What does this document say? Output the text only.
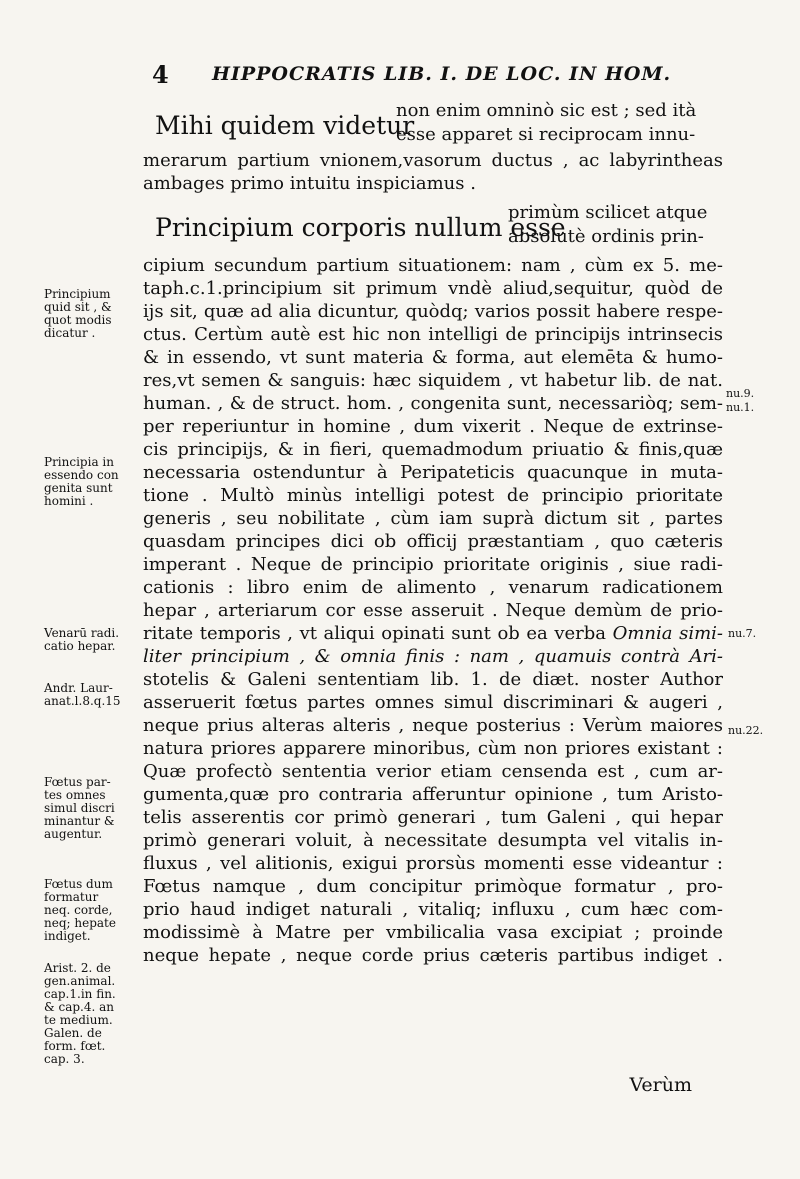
4 HIPPOCRATIS LIB. I. DE LOC. IN HOM.
Mihi quidem videtur
non enim omninò sic est ; sed ità
esse apparet si reciprocam innu-
merarum partium vnionem,vasorum ductus , ac labyrintheas
ambages primo intuitu inspiciamus .
Principium corporis nullum esse
primùm scilicet atque
absolutè ordinis prin-
cipium secundum partium situationem: nam , cùm ex 5. me-
taph.c.1.principium sit primum vndè aliud,sequitur, quòd de
ijs sit, quæ ad alia dicuntur, quòdq; varios possit habere respe-
ctus. Certùm autè est hic non intelligi de principijs intrinsecis
& in essendo, vt sunt materia & forma, aut elemēta & humo-
res,vt semen & sanguis: hæc siquidem , vt habetur lib. de nat.
human. , & de struct. hom. , congenita sunt, necessariòq; sem-
per reperiuntur in homine , dum vixerit . Neque de extrinse-
cis principijs, & in fieri, quemadmodum priuatio & finis,quæ
necessaria ostenduntur à Peripateticis quacunque in muta-
tione . Multò minùs intelligi potest de principio prioritate
generis , seu nobilitate , cùm iam suprà dictum sit , partes
quasdam principes dici ob officij præstantiam , quo cæteris
imperant . Neque de principio prioritate originis , siue radi-
cationis : libro enim de alimento , venarum radicationem
hepar , arteriarum cor esse asseruit . Neque demùm de prio-
ritate temporis , vt aliqui opinati sunt ob ea verba Omnia simi-
liter principium , & omnia finis : nam , quamuis contrà Ari-
stotelis & Galeni sententiam lib. 1. de diæt. noster Author
asseruerit fœtus partes omnes simul discriminari & augeri ,
neque prius alteras alteris , neque posterius : Verùm maiores
natura priores apparere minoribus, cùm non priores existant :
Quæ profectò sententia verior etiam censenda est , cum ar-
gumenta,quæ pro contraria afferuntur opinione , tum Aristo-
telis asserentis cor primò generari , tum Galeni , qui hepar
primò generari voluit, à necessitate desumpta vel vitalis in-
fluxus , vel alitionis, exigui prorsùs momenti esse videantur :
Fœtus namque , dum concipitur primòque formatur , pro-
prio haud indiget naturali , vitaliq; influxu , cum hæc com-
modissimè à Matre per vmbilicalia vasa excipiat ; proinde
neque hepate , neque corde prius cæteris partibus indiget .
Principium
quid sit , &
quot modis
dicatur .
Principia in
essendo con
genita sunt
homini .
Venarū radi.
catio hepar.
Andr. Laur-
anat.l.8.q.15
Fœtus par-
tes omnes
simul discri
minantur &
augentur.
Fœtus dum
formatur
neq. corde,
neq; hepate
indiget.
Arist. 2. de
gen.animal.
cap.1.in fin.
& cap.4. an
te medium.
Galen. de
form. fœt.
cap. 3.
nu.9.
nu.1.
nu.7.
nu.22.
Verùm
